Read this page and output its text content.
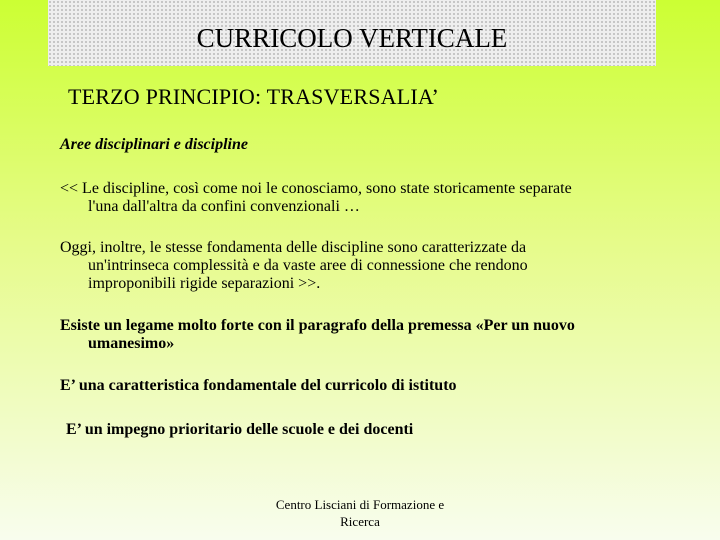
CURRICOLO VERTICALE
TERZO PRINCIPIO: TRASVERSALIA’
Aree disciplinari e discipline
<< Le discipline, così come noi le conosciamo, sono state storicamente separate
l'una dall'altra da confini convenzionali …
Oggi, inoltre, le stesse fondamenta delle discipline sono caratterizzate da
un'intrinseca complessità e da vaste aree di connessione che rendono
improponibili rigide separazioni >>.
Esiste un legame molto forte con il paragrafo della premessa «Per un nuovo
umanesimo»
E’ una caratteristica fondamentale del curricolo di istituto
E’ un impegno prioritario delle scuole e dei docenti
Centro Lisciani di Formazione e
Ricerca
